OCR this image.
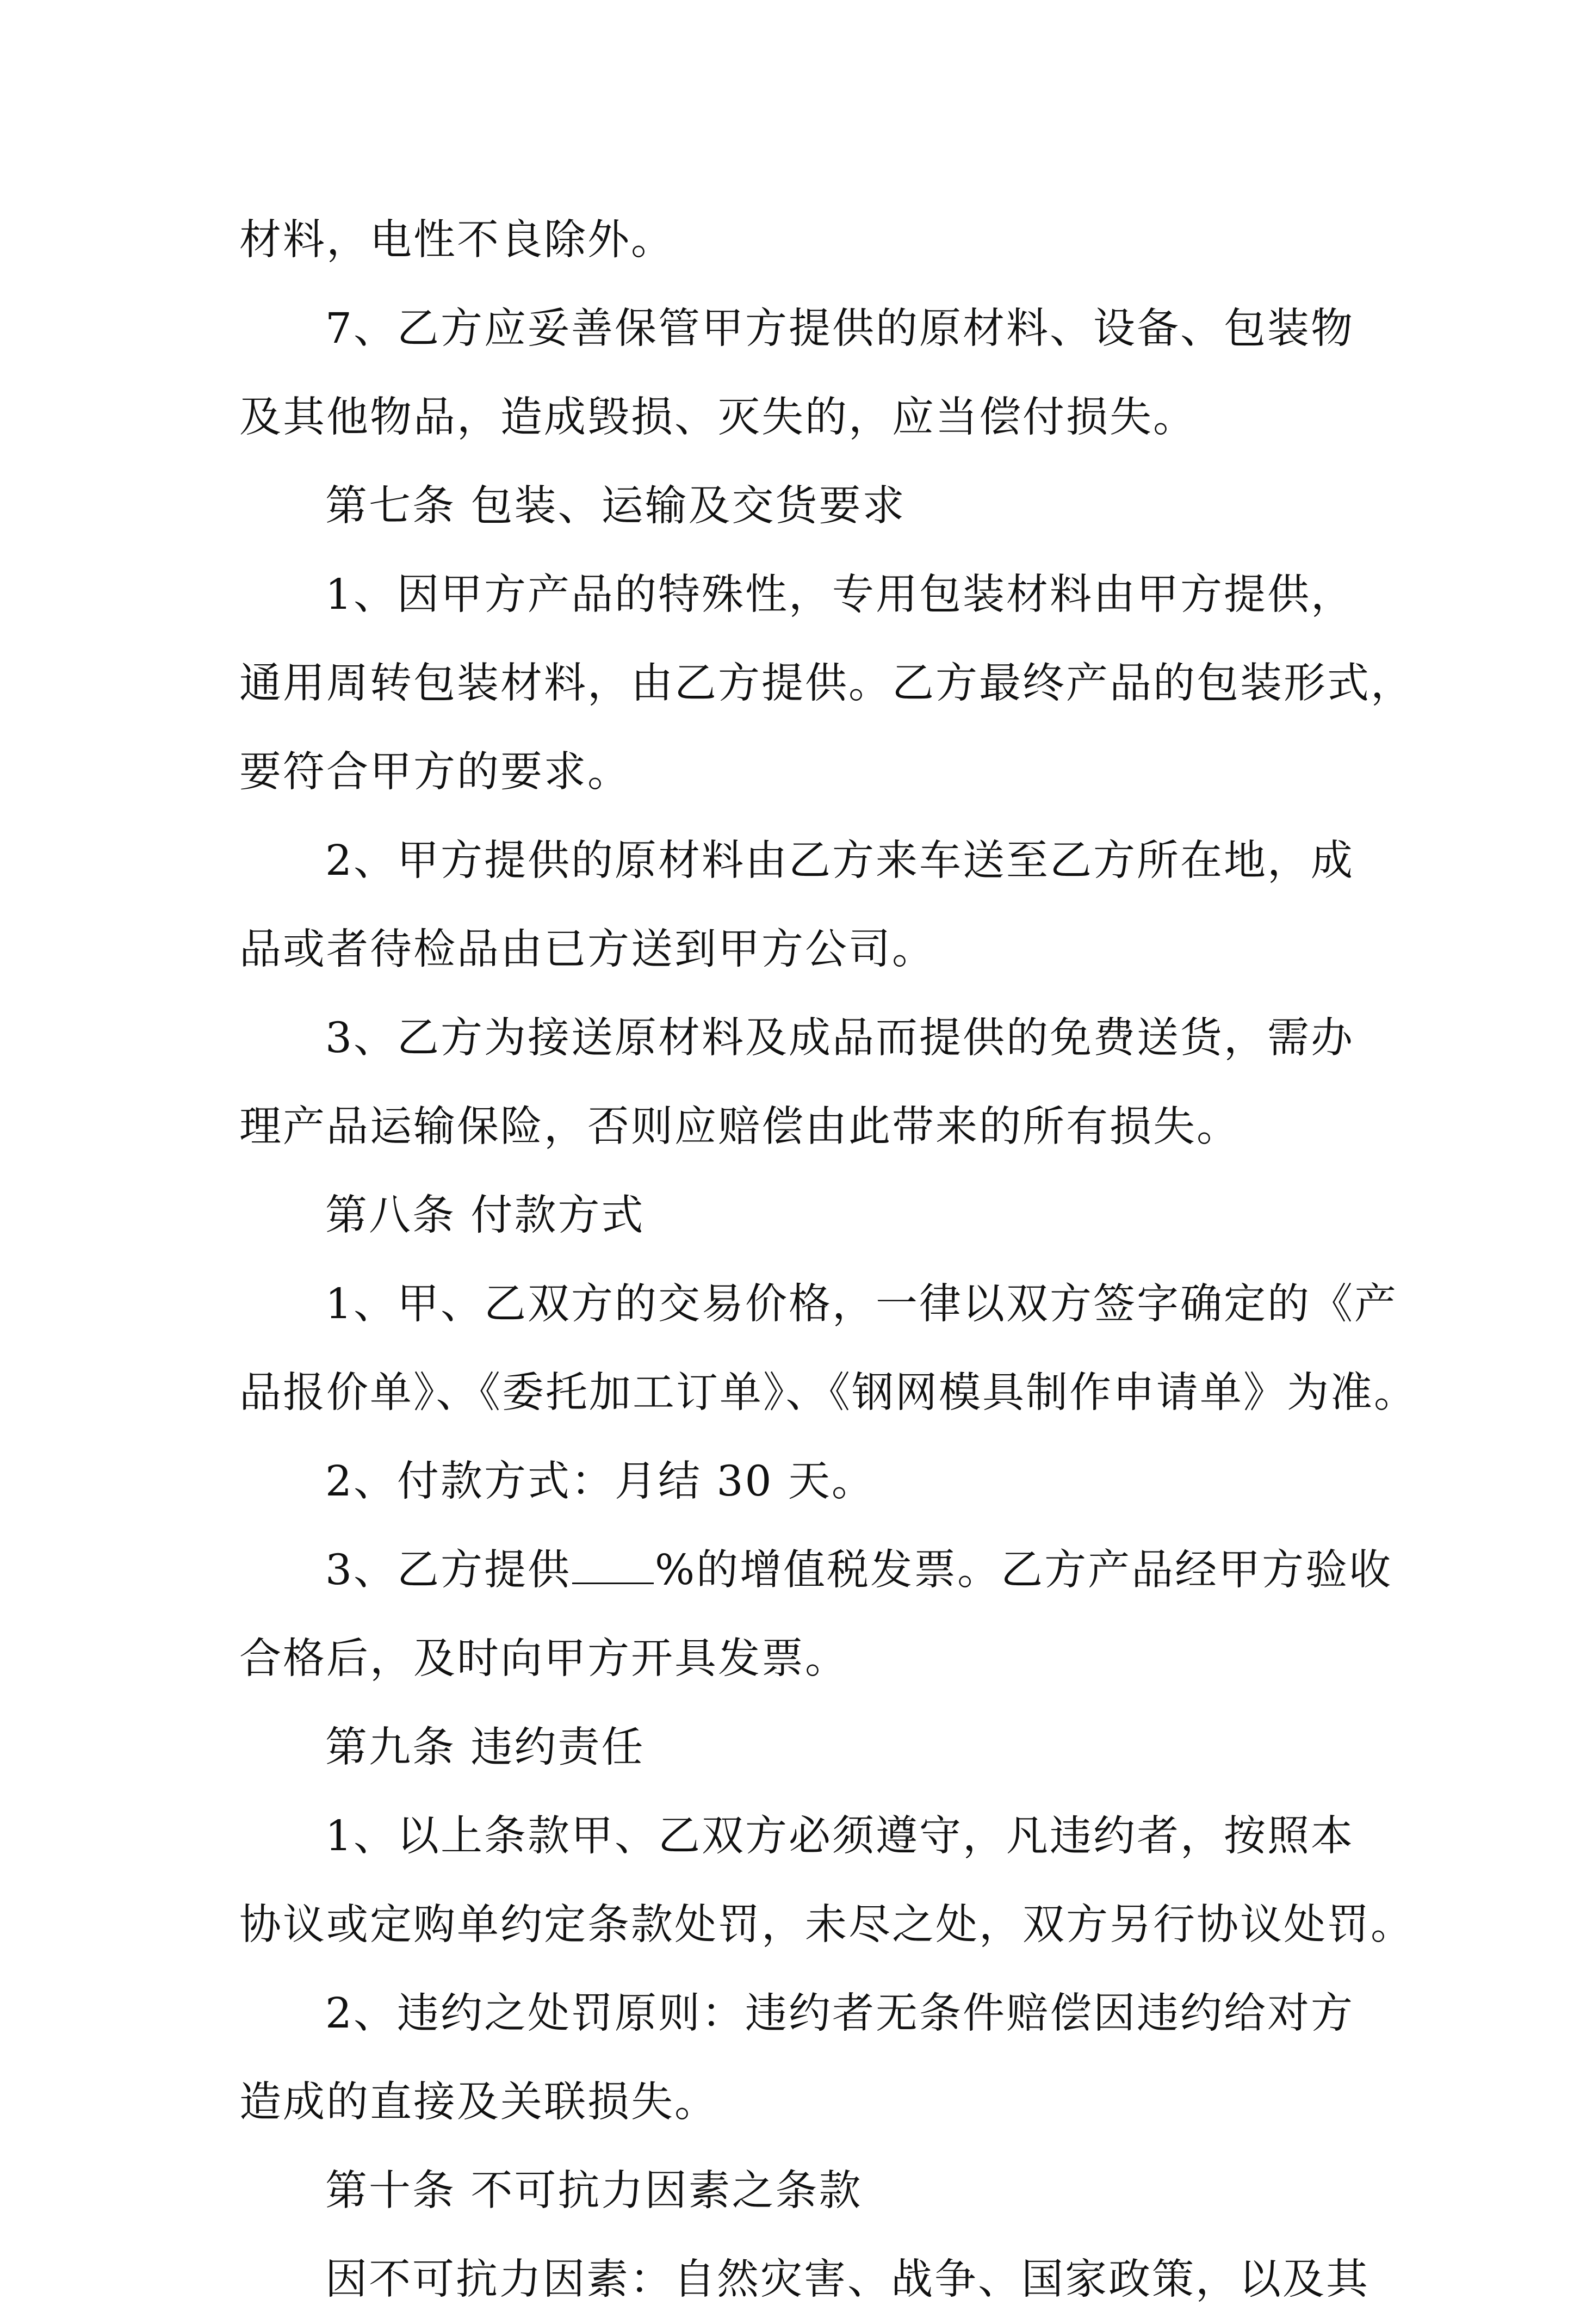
材料，电性不良除外。
7、乙方应妥善保管甲方提供的原材料、设备、包装物
及其他物品，造成毁损、灭失的，应当偿付损失。
第七条 包装、运输及交货要求
1、因甲方产品的特殊性，专用包装材料由甲方提供，
通用周转包装材料，由乙方提供。乙方最终产品的包装形式，
要符合甲方的要求。
2、甲方提供的原材料由乙方来车送至乙方所在地，成
品或者待检品由已方送到甲方公司。
3、乙方为接送原材料及成品而提供的免费送货，需办
理产品运输保险，否则应赔偿由此带来的所有损失。
第八条 付款方式
1、甲、乙双方的交易价格，一律以双方签字确定的《产
品报价单》、《委托加工订单》、《钢网模具制作申请单》为准。
2、付款方式：月结 30 天。
3、乙方提供 %的增值税发票。乙方产品经甲方验收
合格后，及时向甲方开具发票。
第九条 违约责任
1、以上条款甲、乙双方必须遵守，凡违约者，按照本
协议或定购单约定条款处罚，未尽之处，双方另行协议处罚。
2、违约之处罚原则：违约者无条件赔偿因违约给对方
造成的直接及关联损失。
第十条 不可抗力因素之条款
因不可抗力因素：自然灾害、战争、国家政策，以及其
